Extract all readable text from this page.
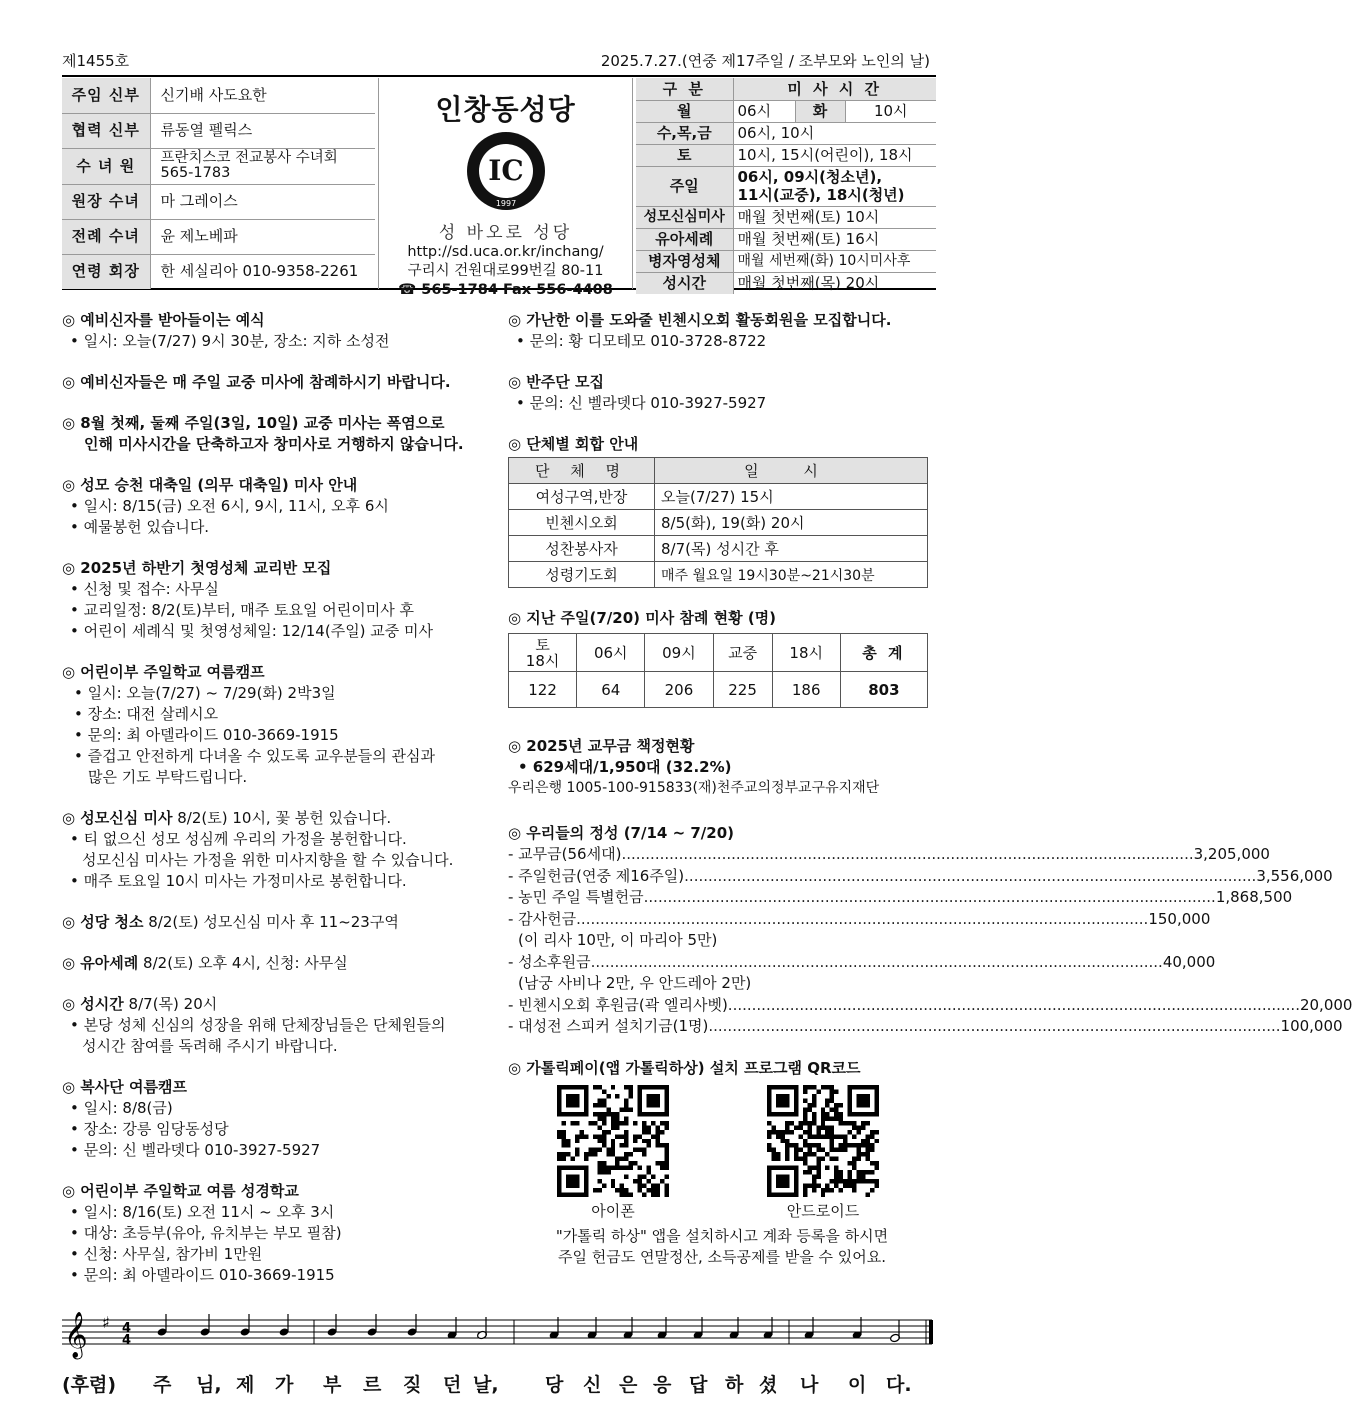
제1455호	2025.7.27.(연중 제17주일 / 조부모와 노인의 날)
주임 신부	신기배 사도요한
협력 신부	류동열 펠릭스
수 녀 원	프란치스코 전교봉사 수녀회
565-1783
원장 수녀	마 그레이스
전례 수녀	윤 제노베파
연령 회장	한 세실리아 010-9358-2261
인창동성당
IC
1997
성 바오로 성당
http://sd.uca.or.kr/inchang/
구리시 건원대로99번길 80-11
☎ 565-1784 Fax 556-4408
구 분	미 사 시 간		
월	06시	화	10시
수,목,금	06시, 10시		
토	10시, 15시(어린이), 18시		
주일	06시, 09시(청소년),
11시(교중), 18시(청년)		
성모신심미사	매월 첫번째(토) 10시		
유아세례	매월 첫번째(토) 16시		
병자영성체	매월 세번째(화) 10시미사후		
성시간	매월 첫번째(목) 20시		
◎ 예비신자를 받아들이는 예식

• 일시: 오늘(7/27) 9시 30분, 장소: 지하 소성전

◎ 예비신자들은 매 주일 교중 미사에 참례하시기 바랍니다.
◎ 8월 첫째, 둘째 주일(3일, 10일) 교중 미사는 폭염으로
인해 미사시간을 단축하고자 창미사로 거행하지 않습니다.
◎ 성모 승천 대축일 (의무 대축일) 미사 안내

• 일시: 8/15(금) 오전 6시, 9시, 11시, 오후 6시

• 예물봉헌 있습니다.

◎ 2025년 하반기 첫영성체 교리반 모집

• 신청 및 접수: 사무실

• 교리일정: 8/2(토)부터, 매주 토요일 어린이미사 후

• 어린이 세례식 및 첫영성체일: 12/14(주일) 교중 미사

◎ 어린이부 주일학교 여름캠프

• 일시: 오늘(7/27) ~ 7/29(화) 2박3일

• 장소: 대전 살레시오

• 문의: 최 아델라이드 010-3669-1915

• 즐겁고 안전하게 다녀올 수 있도록 교우분들의 관심과

많은 기도 부탁드립니다.

◎ 성모신심 미사 8/2(토) 10시, 꽃 봉헌 있습니다.

• 티 없으신 성모 성심께 우리의 가정을 봉헌합니다.

성모신심 미사는 가정을 위한 미사지향을 할 수 있습니다.

• 매주 토요일 10시 미사는 가정미사로 봉헌합니다.

◎ 성당 청소 8/2(토) 성모신심 미사 후 11~23구역

◎ 유아세례 8/2(토) 오후 4시, 신청: 사무실

◎ 성시간 8/7(목) 20시

• 본당 성체 신심의 성장을 위해 단체장님들은 단체원들의

성시간 참여를 독려해 주시기 바랍니다.

◎ 복사단 여름캠프

• 일시: 8/8(금)

• 장소: 강릉 임당동성당

• 문의: 신 벨라뎃다 010-3927-5927

◎ 어린이부 주일학교 여름 성경학교

• 일시: 8/16(토) 오전 11시 ~ 오후 3시

• 대상: 초등부(유아, 유치부는 부모 필참)

• 신청: 사무실, 참가비 1만원

• 문의: 최 아델라이드 010-3669-1915

◎ 가난한 이를 도와줄 빈첸시오회 활동회원을 모집합니다.

• 문의: 황 디모테모 010-3728-8722

◎ 반주단 모집

• 문의: 신 벨라뎃다 010-3927-5927

◎ 단체별 회합 안내
단 체 명	일 시
여성구역,반장	오늘(7/27) 15시
빈첸시오회	8/5(화), 19(화) 20시
성찬봉사자	8/7(목) 성시간 후
성령기도회	매주 월요일 19시30분~21시30분
◎ 지난 주일(7/20) 미사 참례 현황 (명)
토
18시	06시	09시	교중	18시	총 계
122	64	206	225	186	803
◎ 2025년 교무금 책정현황

• 629세대/1,950대 (32.2%)

우리은행 1005-100-915833(재)천주교의정부교구유지재단

◎ 우리들의 정성 (7/14 ~ 7/20)
- 교무금(56세대) ........................................................................................................................ 3,205,000
- 주일헌금(연중 제16주일) ........................................................................................................................ 3,556,000
- 농민 주일 특별헌금 ........................................................................................................................ 1,868,500
- 감사헌금 ........................................................................................................................ 150,000
(이 리사 10만, 이 마리아 5만)
- 성소후원금 ........................................................................................................................ 40,000
(남궁 사비나 2만, 우 안드레아 2만)
- 빈첸시오회 후원금(곽 엘리사벳) ........................................................................................................................ 20,000
- 대성전 스피커 설치기금(1명) ........................................................................................................................ 100,000
◎ 가톨릭페이(앱 가톨릭하상) 설치 프로그램 QR코드

아이폰	안드로이드

"가톨릭 하상" 앱을 설치하시고 계좌 등록을 하시면

주일 헌금도 연말정산, 소득공제를 받을 수 있어요.

𝄞 ♯ 4
4
(후렴) 주 님, 제 가 부 르 짖 던 날, 당 신 은 응 답 하 셨 나 이 다.
